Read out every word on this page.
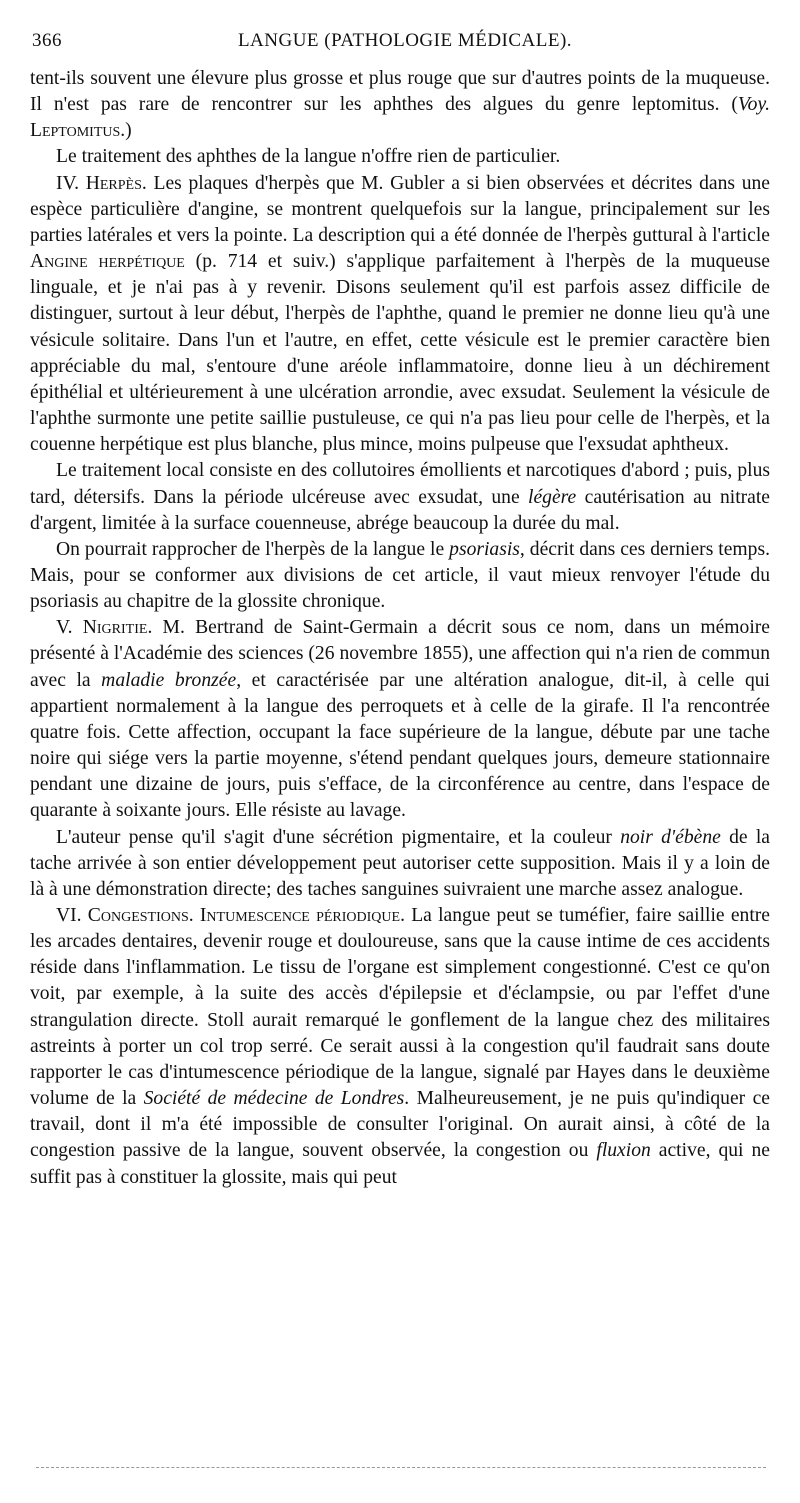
366	LANGUE (PATHOLOGIE MÉDICALE).

tent-ils souvent une élevure plus grosse et plus rouge que sur d'autres points de la muqueuse. Il n'est pas rare de rencontrer sur les aphthes des algues du genre leptomitus. (Voy. Leptomitus.)

Le traitement des aphthes de la langue n'offre rien de particulier.

IV. Herpès. Les plaques d'herpès que M. Gubler a si bien observées et décrites dans une espèce particulière d'angine, se montrent quelquefois sur la langue, principalement sur les parties latérales et vers la pointe. La description qui a été donnée de l'herpès guttural à l'article Angine herpétique (p. 714 et suiv.) s'applique parfaitement à l'herpès de la muqueuse linguale, et je n'ai pas à y revenir. Disons seulement qu'il est parfois assez difficile de distinguer, surtout à leur début, l'herpès de l'aphthe, quand le premier ne donne lieu qu'à une vésicule solitaire. Dans l'un et l'autre, en effet, cette vésicule est le premier caractère bien appréciable du mal, s'entoure d'une aréole inflammatoire, donne lieu à un déchirement épithélial et ultérieurement à une ulcération arrondie, avec exsudat. Seulement la vésicule de l'aphthe surmonte une petite saillie pustuleuse, ce qui n'a pas lieu pour celle de l'herpès, et la couenne herpétique est plus blanche, plus mince, moins pulpeuse que l'exsudat aphtheux.

Le traitement local consiste en des collutoires émollients et narcotiques d'abord ; puis, plus tard, détersifs. Dans la période ulcéreuse avec exsudat, une légère cautérisation au nitrate d'argent, limitée à la surface couenneuse, abrége beaucoup la durée du mal.

On pourrait rapprocher de l'herpès de la langue le psoriasis, décrit dans ces derniers temps. Mais, pour se conformer aux divisions de cet article, il vaut mieux renvoyer l'étude du psoriasis au chapitre de la glossite chronique.

V. Nigritie. M. Bertrand de Saint-Germain a décrit sous ce nom, dans un mémoire présenté à l'Académie des sciences (26 novembre 1855), une affection qui n'a rien de commun avec la maladie bronzée, et caractérisée par une altération analogue, dit-il, à celle qui appartient normalement à la langue des perroquets et à celle de la girafe. Il l'a rencontrée quatre fois. Cette affection, occupant la face supérieure de la langue, débute par une tache noire qui siége vers la partie moyenne, s'étend pendant quelques jours, demeure stationnaire pendant une dizaine de jours, puis s'efface, de la circonférence au centre, dans l'espace de quarante à soixante jours. Elle résiste au lavage.

L'auteur pense qu'il s'agit d'une sécrétion pigmentaire, et la couleur noir d'ébène de la tache arrivée à son entier développement peut autoriser cette supposition. Mais il y a loin de là à une démonstration directe; des taches sanguines suivraient une marche assez analogue.

VI. Congestions. Intumescence périodique. La langue peut se tuméfier, faire saillie entre les arcades dentaires, devenir rouge et douloureuse, sans que la cause intime de ces accidents réside dans l'inflammation. Le tissu de l'organe est simplement congestionné. C'est ce qu'on voit, par exemple, à la suite des accès d'épilepsie et d'éclampsie, ou par l'effet d'une strangulation directe. Stoll aurait remarqué le gonflement de la langue chez des militaires astreints à porter un col trop serré. Ce serait aussi à la congestion qu'il faudrait sans doute rapporter le cas d'intumescence périodique de la langue, signalé par Hayes dans le deuxième volume de la Société de médecine de Londres. Malheureusement, je ne puis qu'indiquer ce travail, dont il m'a été impossible de consulter l'original. On aurait ainsi, à côté de la congestion passive de la langue, souvent observée, la congestion ou fluxion active, qui ne suffit pas à constituer la glossite, mais qui peut
